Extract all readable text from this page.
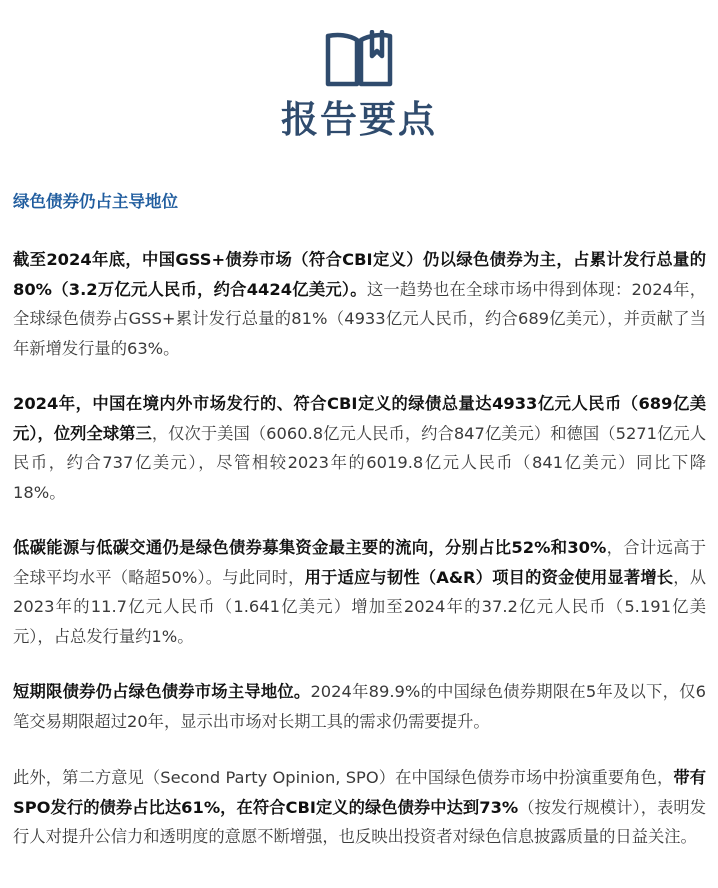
报告要点
绿色债券仍占主导地位

截至2024年底，中国GSS+债券市场（符合CBI定义）仍以绿色债券为主，占累计发行总量的80%（3.2万亿元人民币，约合4424亿美元）。这一趋势也在全球市场中得到体现：2024年，全球绿色债券占GSS+累计发行总量的81%（4933亿元人民币，约合689亿美元），并贡献了当年新增发行量的63%。

2024年，中国在境内外市场发行的、符合CBI定义的绿债总量达4933亿元人民币（689亿美元），位列全球第三，仅次于美国（6060.8亿元人民币，约合847亿美元）和德国（5271亿元人民币，约合737亿美元），尽管相较2023年的6019.8亿元人民币（841亿美元）同比下降18%。

低碳能源与低碳交通仍是绿色债券募集资金最主要的流向，分别占比52%和30%，合计远高于全球平均水平（略超50%）。与此同时，用于适应与韧性（A&R）项目的资金使用显著增长，从2023年的11.7亿元人民币（1.641亿美元）增加至2024年的37.2亿元人民币（5.191亿美元），占总发行量约1%。

短期限债券仍占绿色债券市场主导地位。2024年89.9%的中国绿色债券期限在5年及以下，仅6笔交易期限超过20年，显示出市场对长期工具的需求仍需要提升。

此外，第二方意见（Second Party Opinion, SPO）在中国绿色债券市场中扮演重要角色，带有SPO发行的债券占比达61%，在符合CBI定义的绿色债券中达到73%（按发行规模计），表明发行人对提升公信力和透明度的意愿不断增强，也反映出投资者对绿色信息披露质量的日益关注。
